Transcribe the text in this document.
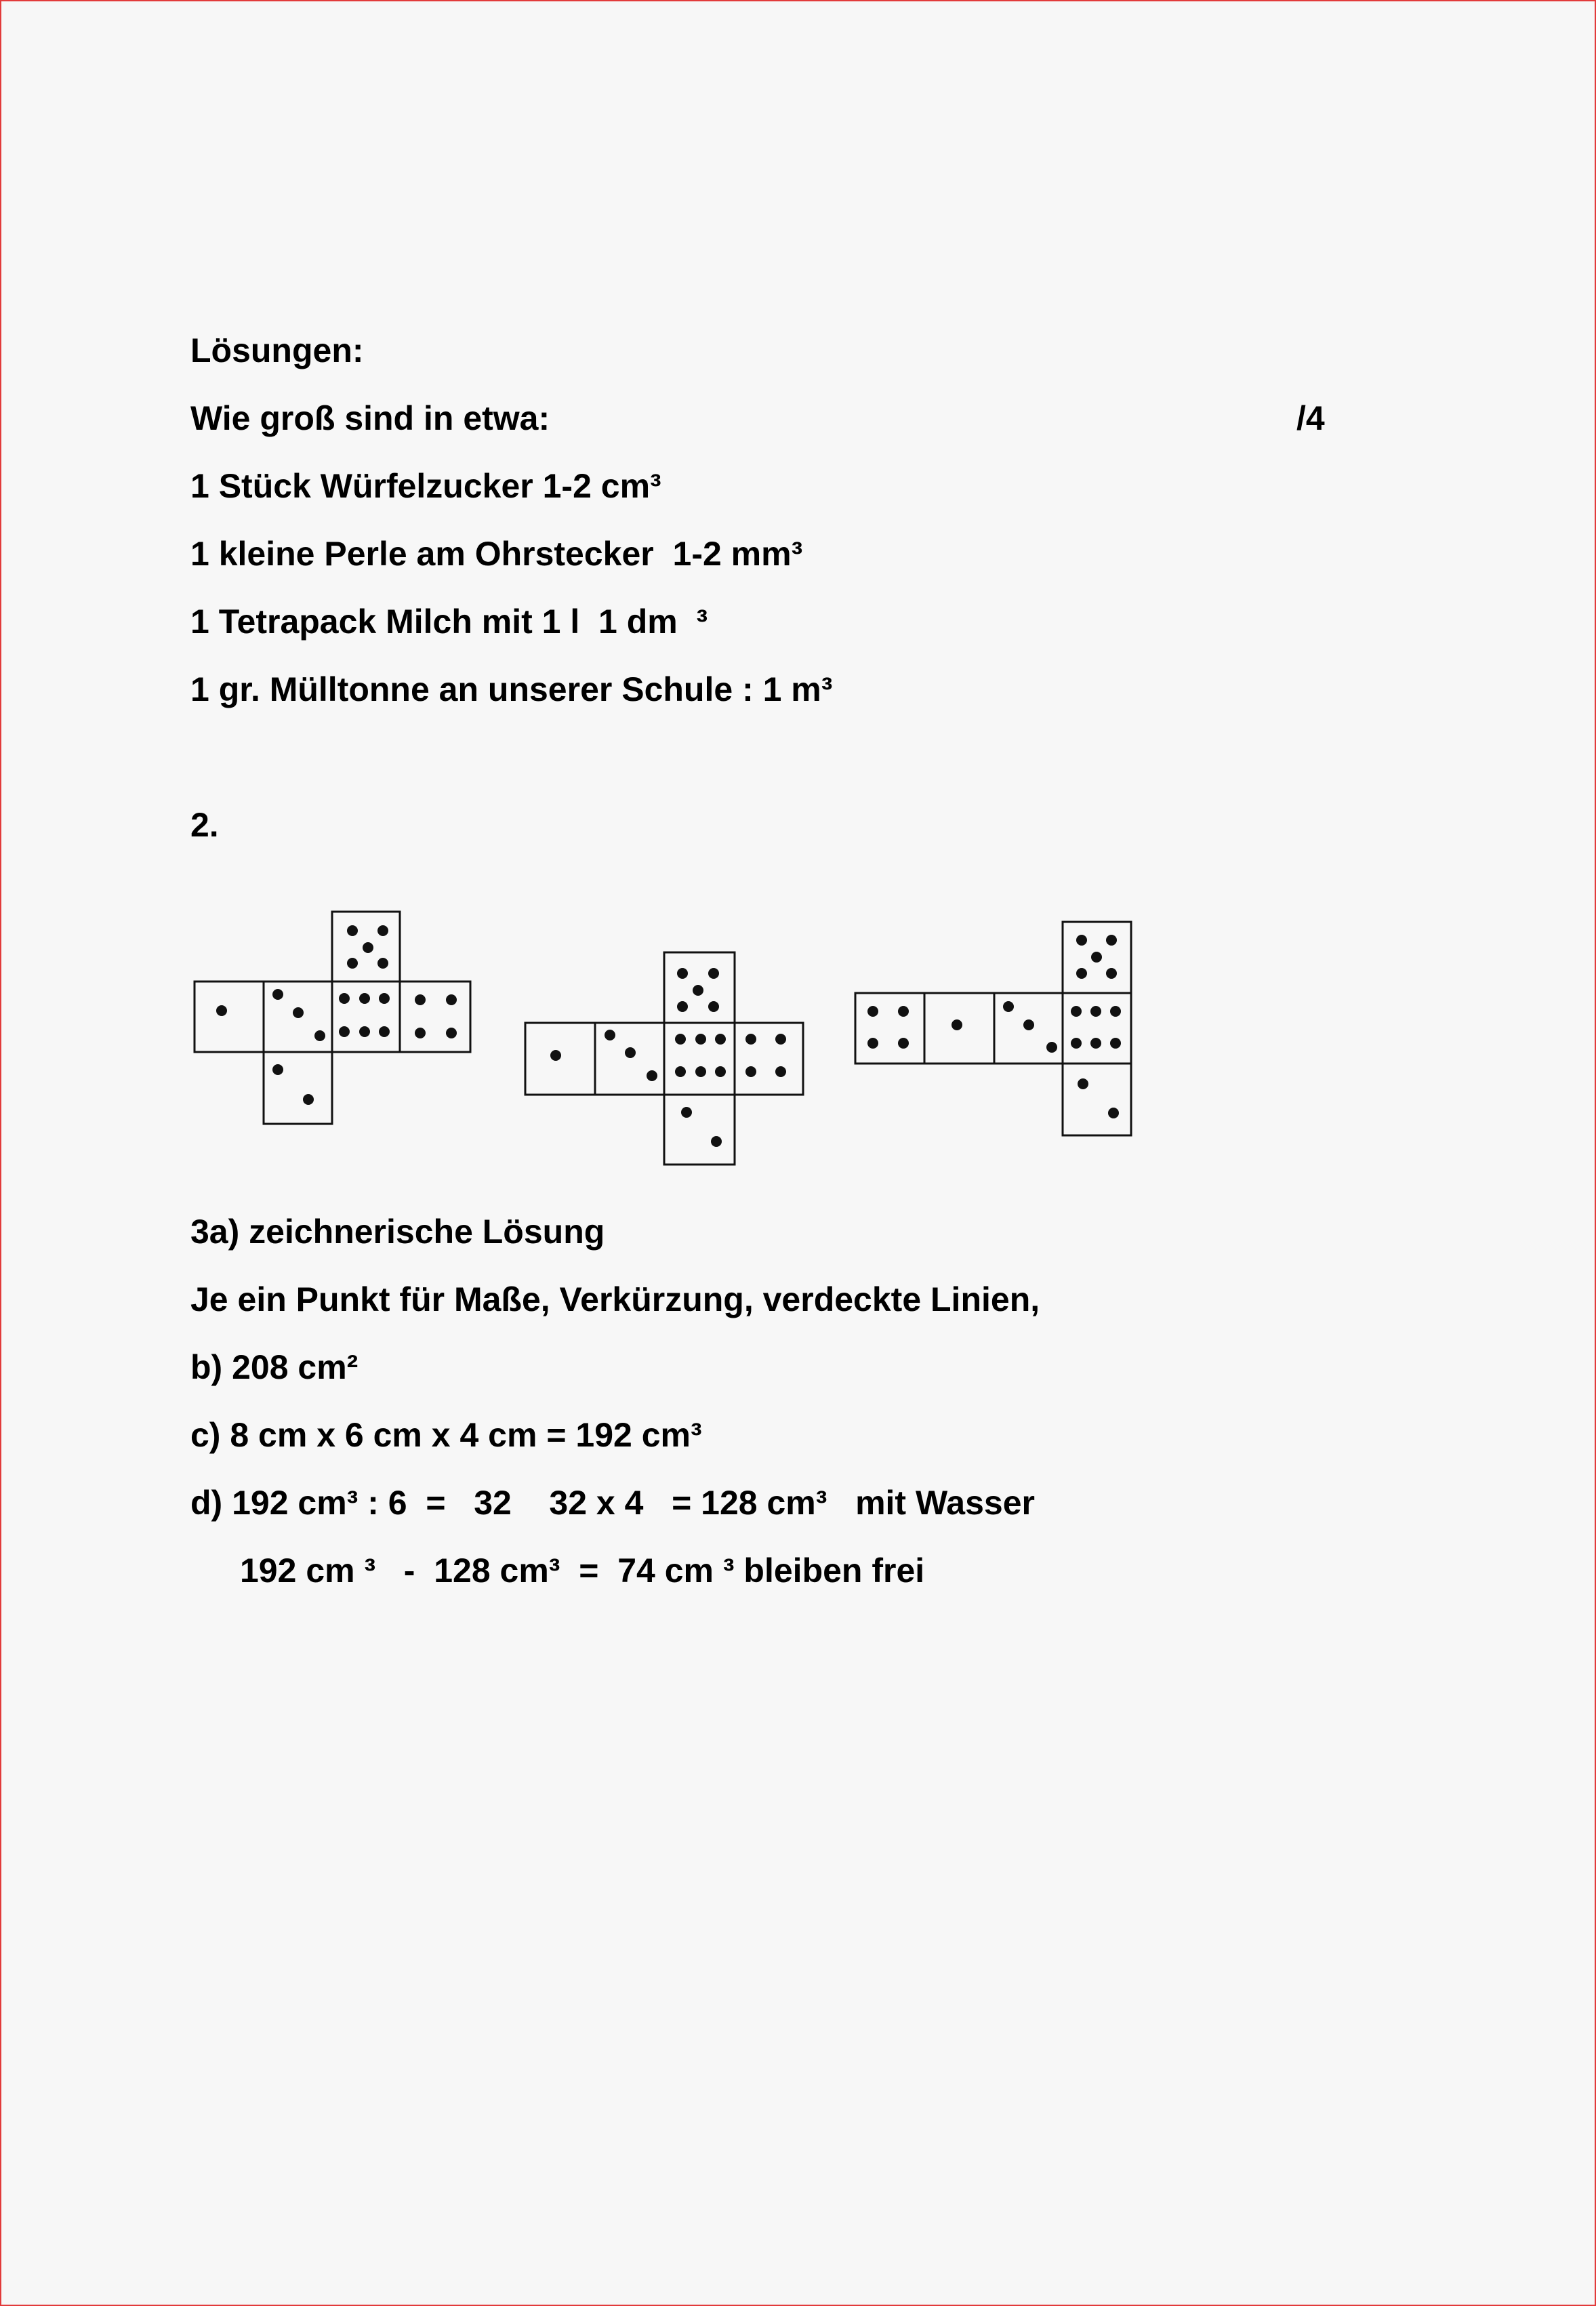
Lösungen:
Wie groß sind in etwa:	/4
1 Stück Würfelzucker 1-2 cm³
1 kleine Perle am Ohrstecker  1-2 mm³
1 Tetrapack Milch mit 1 l  1 dm  ³
1 gr. Mülltonne an unserer Schule : 1 m³
2.
3a) zeichnerische Lösung
Je ein Punkt für Maße, Verkürzung, verdeckte Linien,
b) 208 cm²
c) 8 cm x 6 cm x 4 cm = 192 cm³
d) 192 cm³ : 6  =   32    32 x 4   = 128 cm³   mit Wasser
192 cm ³   -  128 cm³  =  74 cm ³ bleiben frei
